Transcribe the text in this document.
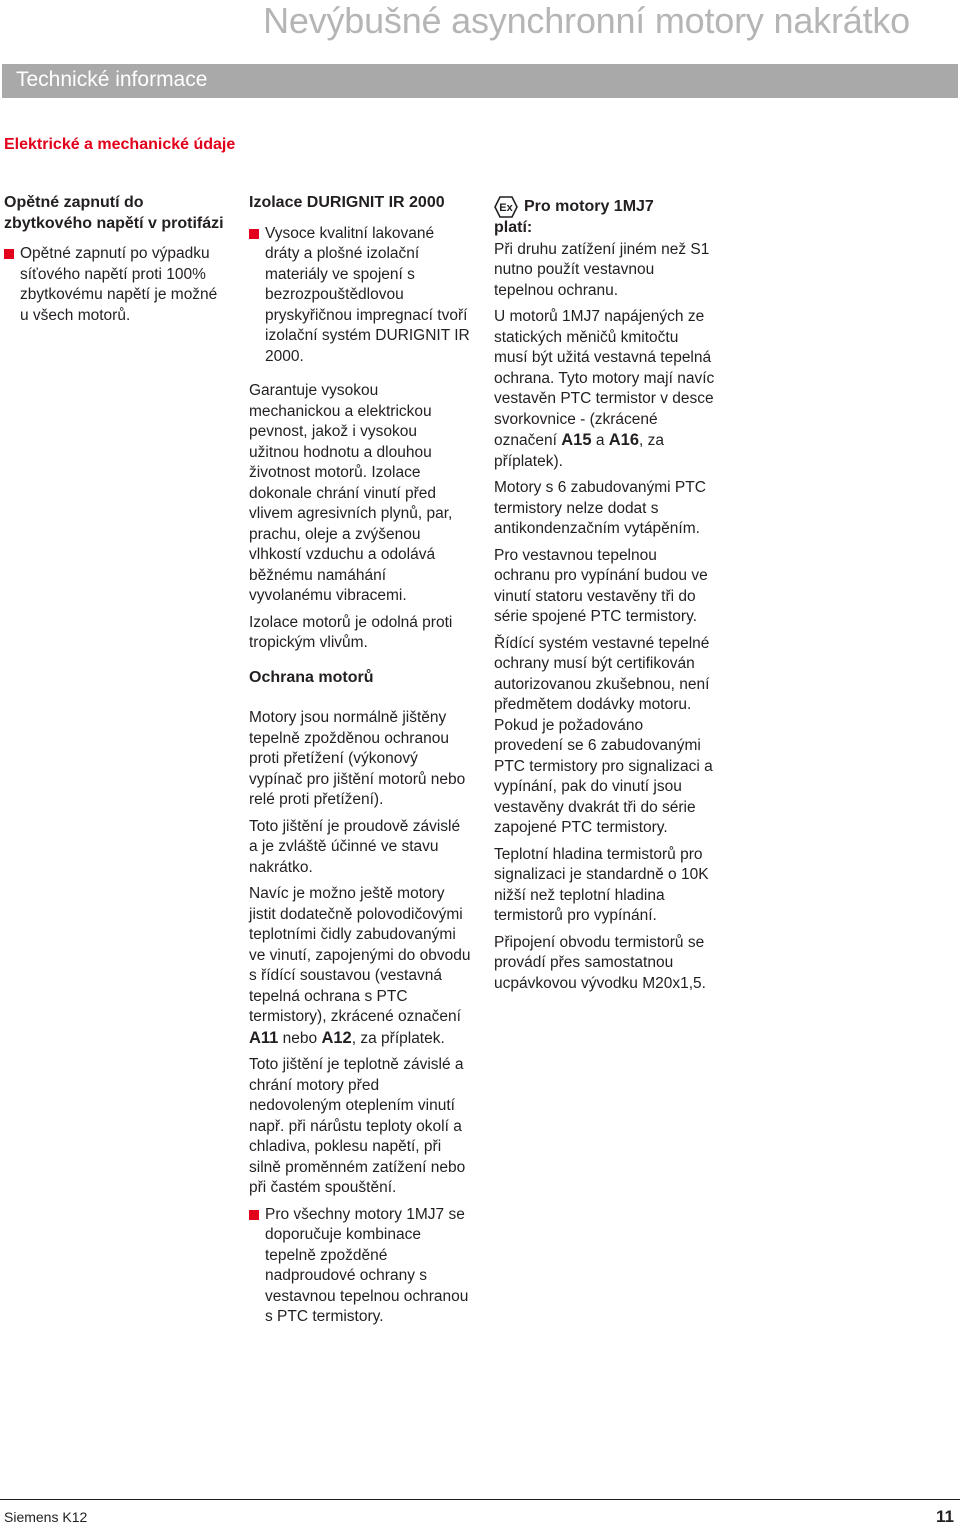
Nevýbušné asynchronní motory nakrátko
Technické informace
Elektrické a mechanické údaje
Opětné zapnutí do zbytkového napětí v protifázi
Opětné zapnutí po výpadku síťového napětí proti 100% zbytkovému napětí je možné u všech motorů.
Izolace DURIGNIT IR 2000
Vysoce kvalitní lakované dráty a plošné izolační materiály ve spojení s bezrozpouštědlovou pryskyřičnou impregnací tvoří izolační systém DURIGNIT IR 2000.

Garantuje vysokou mechanickou a elektrickou pevnost, jakož i vysokou užitnou hodnotu a dlouhou životnost motorů. Izolace dokonale chrání vinutí před vlivem agresivních plynů, par, prachu, oleje a zvýšenou vlhkostí vzduchu a odolává běžnému namáhání vyvolanému vibracemi.

Izolace motorů je odolná proti tropickým vlivům.

Ochrana motorů

Motory jsou normálně jištěny tepelně zpožděnou ochranou proti přetížení (výkonový vypínač pro jištění motorů nebo relé proti přetížení).

Toto jištění je proudově závislé a je zvláště účinné ve stavu nakrátko.

Navíc je možno ještě motory jistit dodatečně polovodičovými teplotními čidly zabudovanými ve vinutí, zapojenými do obvodu s řídící soustavou (vestavná tepelná ochrana s PTC termistory), zkrácené označení A11 nebo A12, za příplatek.

Toto jištění je teplotně závislé a chrání motory před nedovoleným oteplením vinutí např. při nárůstu teploty okolí a chladiva, poklesu napětí, při silně proměnném zatížení nebo při častém spouštění.

Pro všechny motory 1MJ7 se doporučuje kombinace tepelně zpožděné nadproudové ochrany s vestavnou tepelnou ochranou s PTC termistory.
Ex Pro motory 1MJ7
platí:

Při druhu zatížení jiném než S1 nutno použít vestavnou tepelnou ochranu.

U motorů 1MJ7 napájených ze statických měničů kmitočtu musí být užitá vestavná tepelná ochrana. Tyto motory mají navíc vestavěn PTC termistor v desce svorkovnice - (zkrácené označení A15 a A16, za příplatek).

Motory s 6 zabudovanými PTC termistory nelze dodat s antikondenzačním vytápěním.

Pro vestavnou tepelnou ochranu pro vypínání budou ve vinutí statoru vestavěny tři do série spojené PTC termistory.

Řídící systém vestavné tepelné ochrany musí být certifikován autorizovanou zkušebnou, není předmětem dodávky motoru. Pokud je požadováno provedení se 6 zabudovanými PTC termistory pro signalizaci a vypínání, pak do vinutí jsou vestavěny dvakrát tři do série zapojené PTC termistory.

Teplotní hladina termistorů pro signalizaci je standardně o 10K nižší než teplotní hladina termistorů pro vypínání.

Připojení obvodu termistorů se provádí přes samostatnou ucpávkovou vývodku M20x1,5.

Siemens K12	11
